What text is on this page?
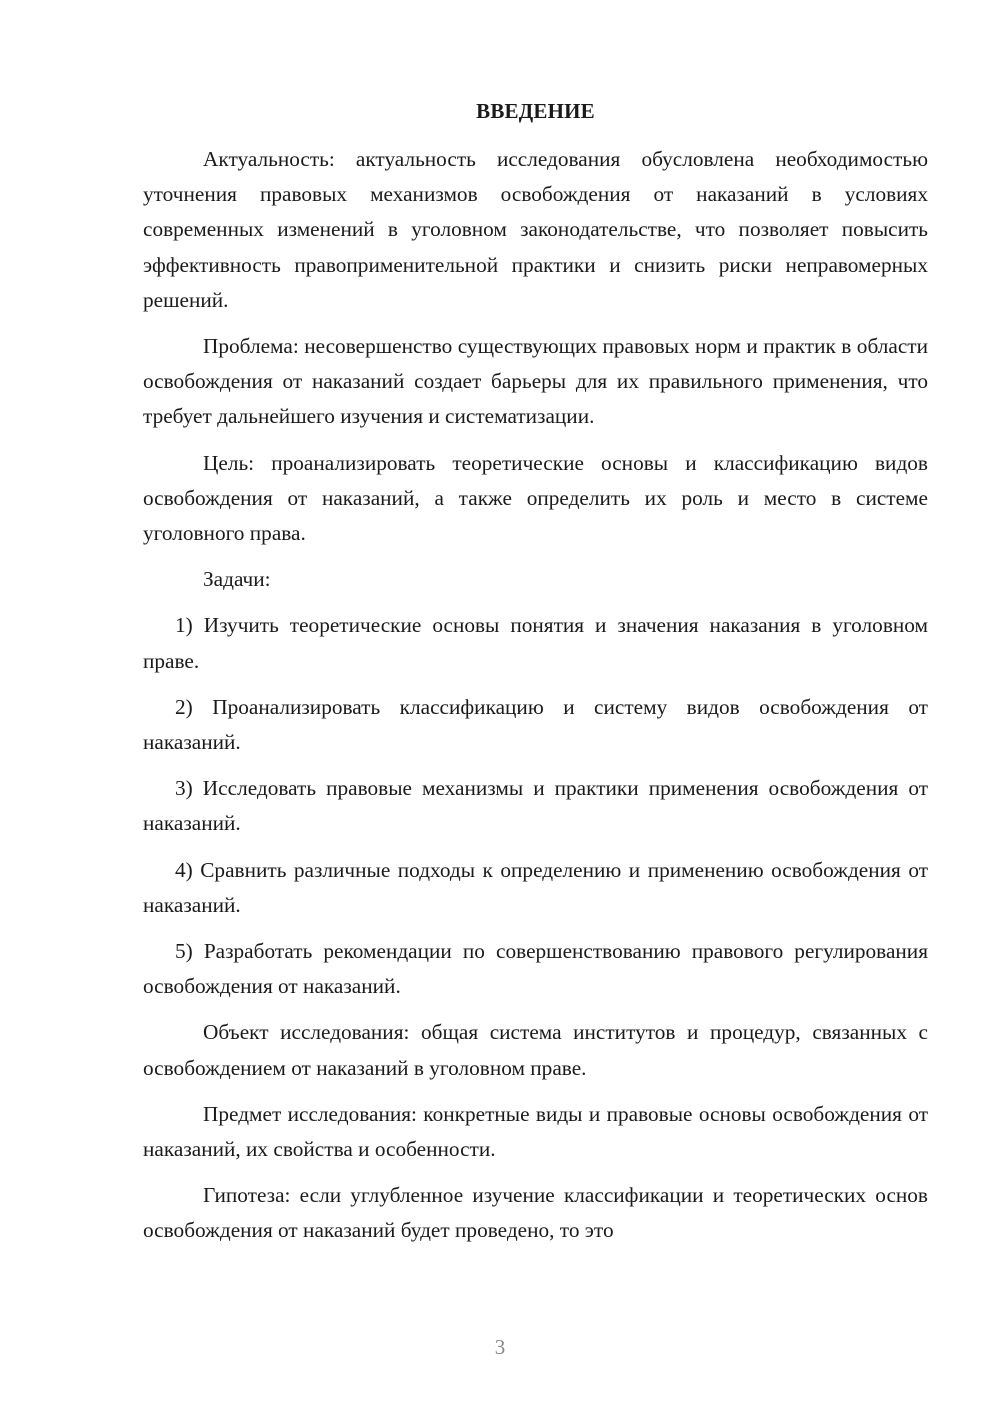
ВВЕДЕНИЕ

Актуальность: актуальность исследования обусловлена необходимостью уточнения правовых механизмов освобождения от наказаний в условиях современных изменений в уголовном законодательстве, что позволяет повысить эффективность правоприменительной практики и снизить риски неправомерных решений.

Проблема: несовершенство существующих правовых норм и практик в области освобождения от наказаний создает барьеры для их правильного применения, что требует дальнейшего изучения и систематизации.

Цель: проанализировать теоретические основы и классификацию видов освобождения от наказаний, а также определить их роль и место в системе уголовного права.

Задачи:

1) Изучить теоретические основы понятия и значения наказания в уголовном праве.

2) Проанализировать классификацию и систему видов освобождения от наказаний.

3) Исследовать правовые механизмы и практики применения освобождения от наказаний.

4) Сравнить различные подходы к определению и применению освобождения от наказаний.

5) Разработать рекомендации по совершенствованию правового регулирования освобождения от наказаний.

Объект исследования: общая система институтов и процедур, связанных с освобождением от наказаний в уголовном праве.

Предмет исследования: конкретные виды и правовые основы освобождения от наказаний, их свойства и особенности.

Гипотеза: если углубленное изучение классификации и теоретических основ освобождения от наказаний будет проведено, то это

3
